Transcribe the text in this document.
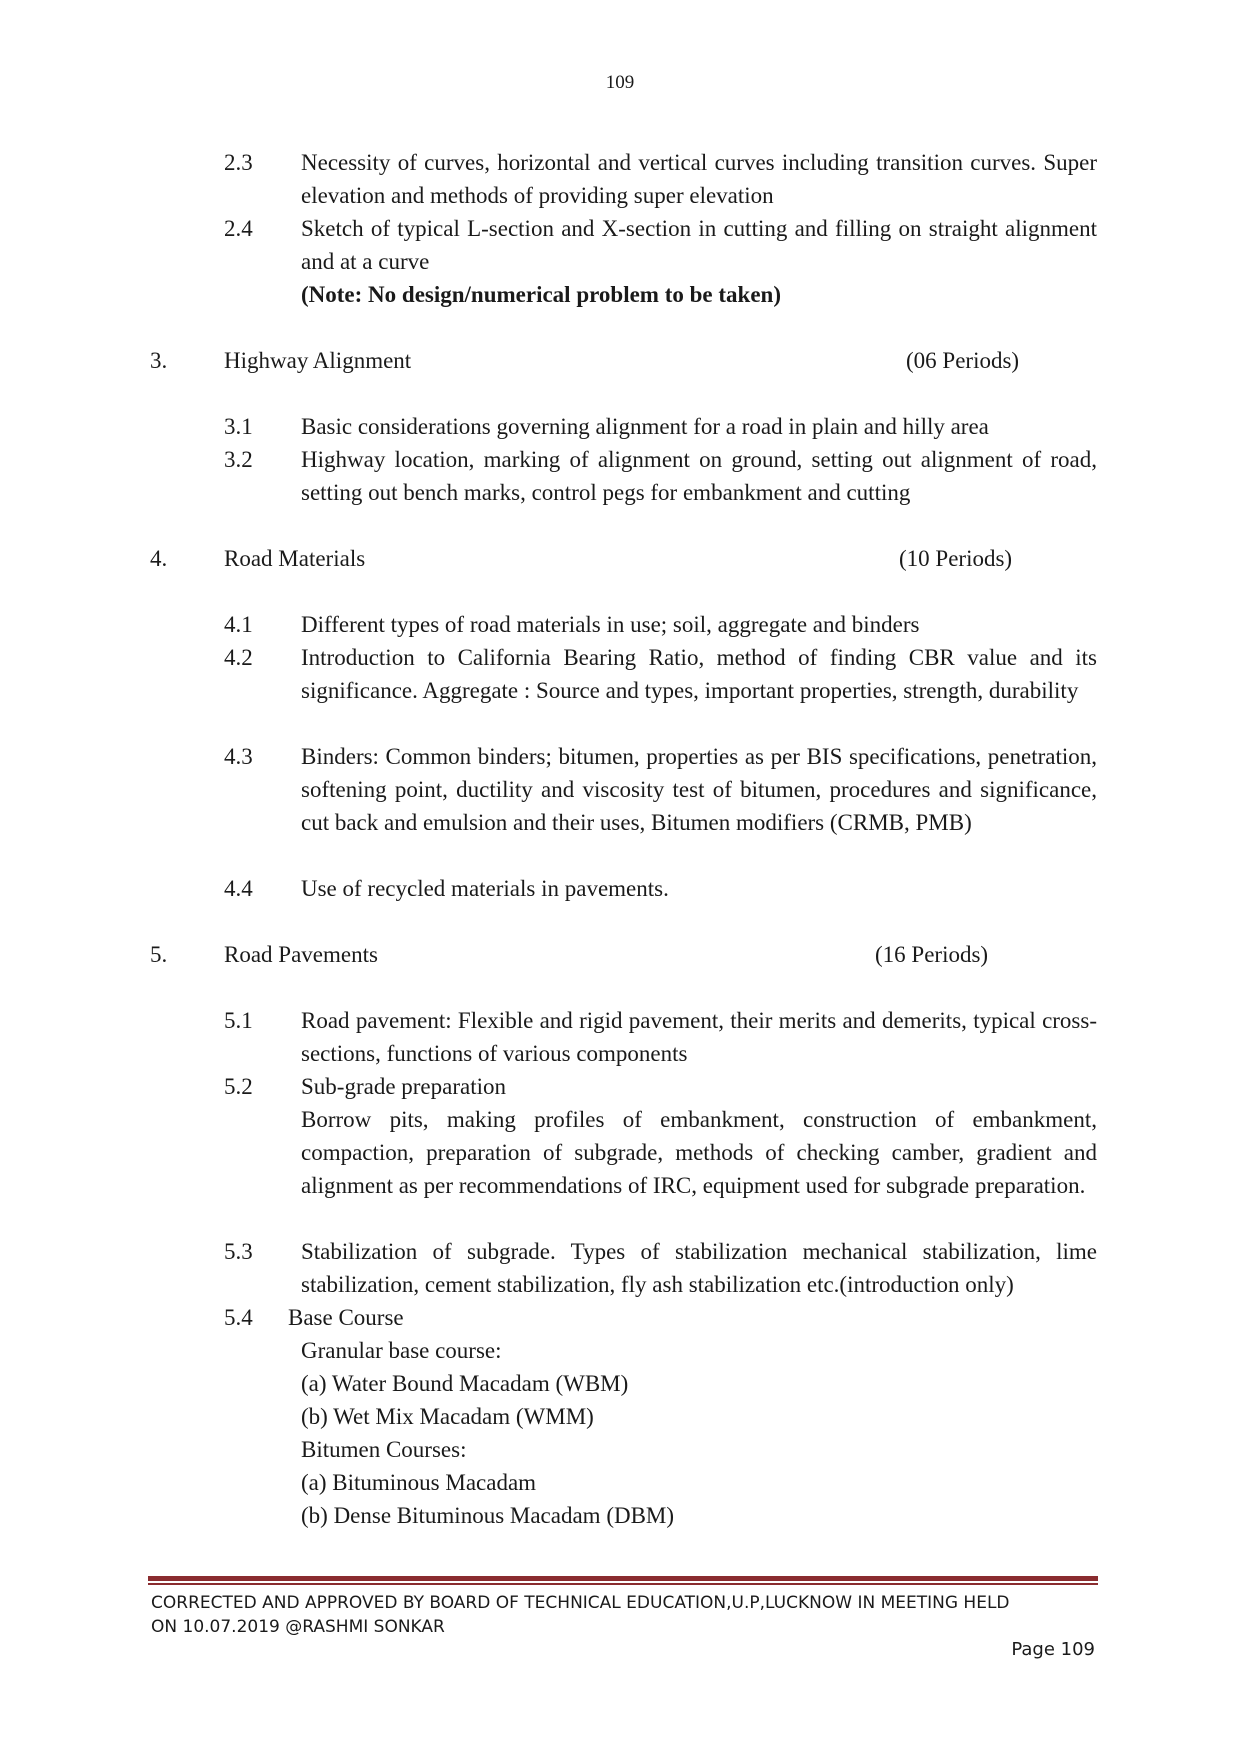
109
2.3 Necessity of curves, horizontal and vertical curves including transition curves. Super elevation and methods of providing super elevation
2.4 Sketch of typical L-section and X-section in cutting and filling on straight alignment and at a curve
(Note: No design/numerical problem to be taken)
3. Highway Alignment	(06 Periods)
3.1 Basic considerations governing alignment for a road in plain and hilly area
3.2 Highway location, marking of alignment on ground, setting out alignment of road, setting out bench marks, control pegs for embankment and cutting
4. Road Materials	(10 Periods)
4.1 Different types of road materials in use; soil, aggregate and binders
4.2 Introduction to California Bearing Ratio, method of finding CBR value and its significance. Aggregate : Source and types, important properties, strength, durability
4.3 Binders: Common binders; bitumen, properties as per BIS specifications, penetration, softening point, ductility and viscosity test of bitumen, procedures and significance, cut back and emulsion and their uses, Bitumen modifiers (CRMB, PMB)
4.4 Use of recycled materials in pavements.
5. Road Pavements	(16 Periods)
5.1 Road pavement: Flexible and rigid pavement, their merits and demerits, typical cross-sections, functions of various components
5.2 Sub-grade preparation
Borrow pits, making profiles of embankment, construction of embankment, compaction, preparation of subgrade, methods of checking camber, gradient and alignment as per recommendations of IRC, equipment used for subgrade preparation.
5.3 Stabilization of subgrade. Types of stabilization mechanical stabilization, lime stabilization, cement stabilization, fly ash stabilization etc.(introduction only)
5.4 Base Course
Granular base course:
(a) Water Bound Macadam (WBM)
(b) Wet Mix Macadam (WMM)
Bitumen Courses:
(a) Bituminous Macadam
(b) Dense Bituminous Macadam (DBM)
CORRECTED AND APPROVED BY BOARD OF TECHNICAL EDUCATION,U.P,LUCKNOW IN MEETING HELD
ON 10.07.2019 @RASHMI SONKAR
Page 109
